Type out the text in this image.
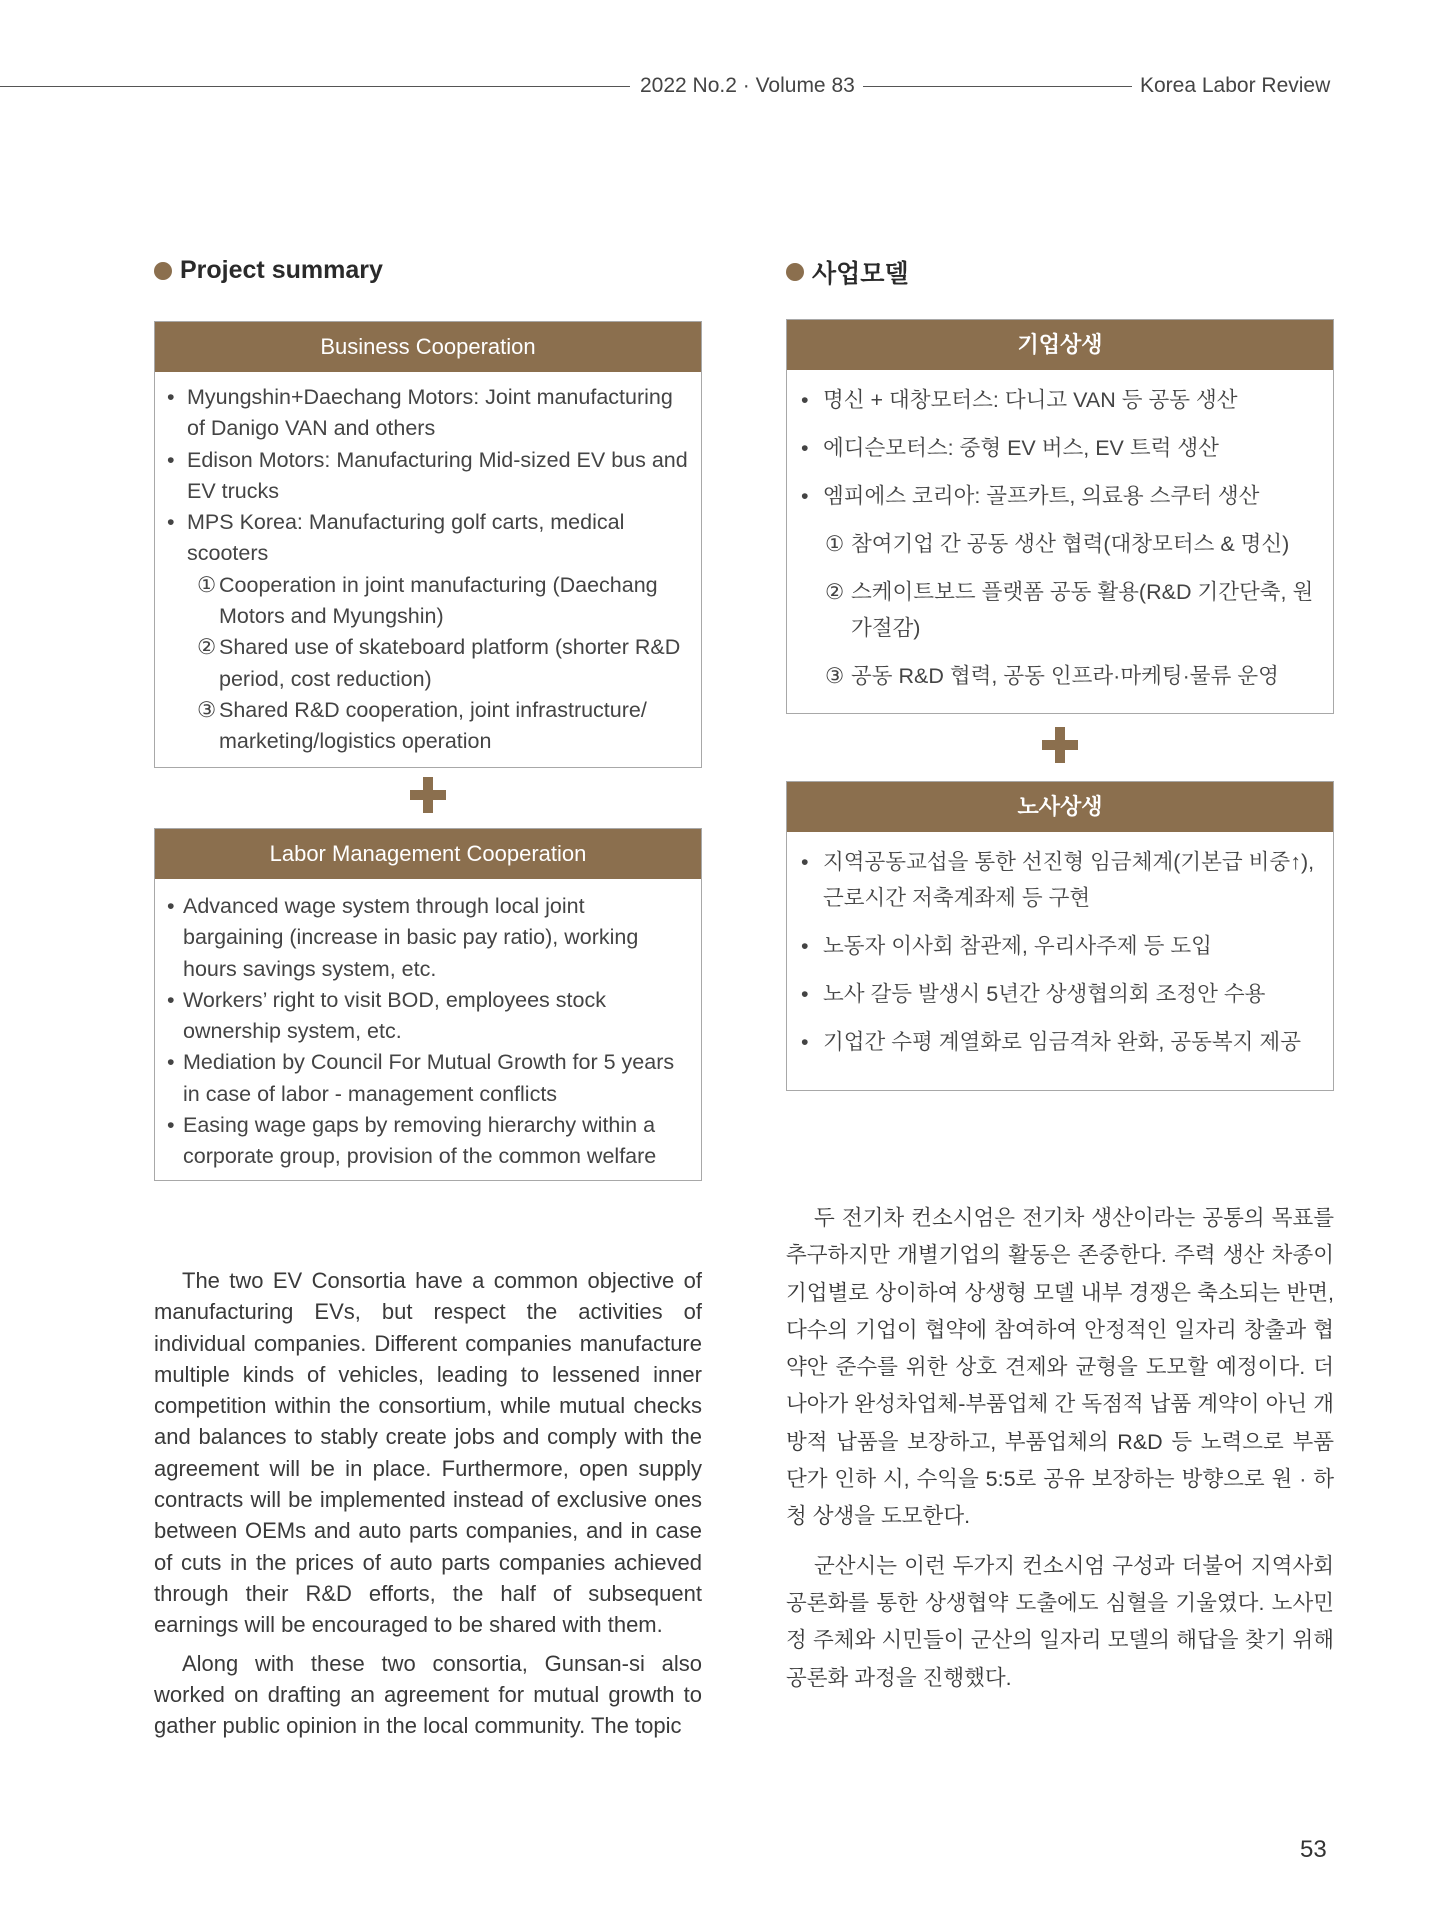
2022 No.2 · Volume 83	Korea Labor Review
Project summary	사업모델
Business Cooperation
• Myungshin+Daechang Motors: Joint manufacturing of Danigo VAN and others
• Edison Motors: Manufacturing Mid-sized EV bus and EV trucks
• MPS Korea: Manufacturing golf carts, medical scooters
① Cooperation in joint manufacturing (Daechang Motors and Myungshin)
② Shared use of skateboard platform (shorter R&D period, cost reduction)
③ Shared R&D cooperation, joint infrastructure/ marketing/logistics operation
Labor Management Cooperation
• Advanced wage system through local joint bargaining (increase in basic pay ratio), working hours savings system, etc.
• Workers’ right to visit BOD, employees stock ownership system, etc.
• Mediation by Council For Mutual Growth for 5 years in case of labor - management conflicts
• Easing wage gaps by removing hierarchy within a corporate group, provision of the common welfare
기업상생
• 명신 + 대창모터스: 다니고 VAN 등 공동 생산
• 에디슨모터스: 중형 EV 버스, EV 트럭 생산
• 엠피에스 코리아: 골프카트, 의료용 스쿠터 생산
① 참여기업 간 공동 생산 협력(대창모터스 & 명신)
② 스케이트보드 플랫폼 공동 활용(R&D 기간단축, 원가절감)
③ 공동 R&D 협력, 공동 인프라·마케팅·물류 운영
노사상생
• 지역공동교섭을 통한 선진형 임금체계(기본급 비중↑), 근로시간 저축계좌제 등 구현
• 노동자 이사회 참관제, 우리사주제 등 도입
• 노사 갈등 발생시 5년간 상생협의회 조정안 수용
• 기업간 수평 계열화로 임금격차 완화, 공동복지 제공

The two EV Consortia have a common objective of manufacturing EVs, but respect the activities of individual companies. Different companies manufacture multiple kinds of vehicles, leading to lessened inner competition within the consortium, while mutual checks and balances to stably create jobs and comply with the agreement will be in place. Furthermore, open supply contracts will be implemented instead of exclusive ones between OEMs and auto parts companies, and in case of cuts in the prices of auto parts companies achieved through their R&D efforts, the half of subsequent earnings will be encouraged to be shared with them.

Along with these two consortia, Gunsan-si also worked on drafting an agreement for mutual growth to gather public opinion in the local community. The topic

두 전기차 컨소시엄은 전기차 생산이라는 공통의 목표를 추구하지만 개별기업의 활동은 존중한다. 주력 생산 차종이 기업별로 상이하여 상생형 모델 내부 경쟁은 축소되는 반면, 다수의 기업이 협약에 참여하여 안정적인 일자리 창출과 협약안 준수를 위한 상호 견제와 균형을 도모할 예정이다. 더 나아가 완성차업체-부품업체 간 독점적 납품 계약이 아닌 개방적 납품을 보장하고, 부품업체의 R&D 등 노력으로 부품단가 인하 시, 수익을 5:5로 공유 보장하는 방향으로 원 · 하청 상생을 도모한다.

군산시는 이런 두가지 컨소시엄 구성과 더불어 지역사회 공론화를 통한 상생협약 도출에도 심혈을 기울였다. 노사민정 주체와 시민들이 군산의 일자리 모델의 해답을 찾기 위해 공론화 과정을 진행했다.

53
